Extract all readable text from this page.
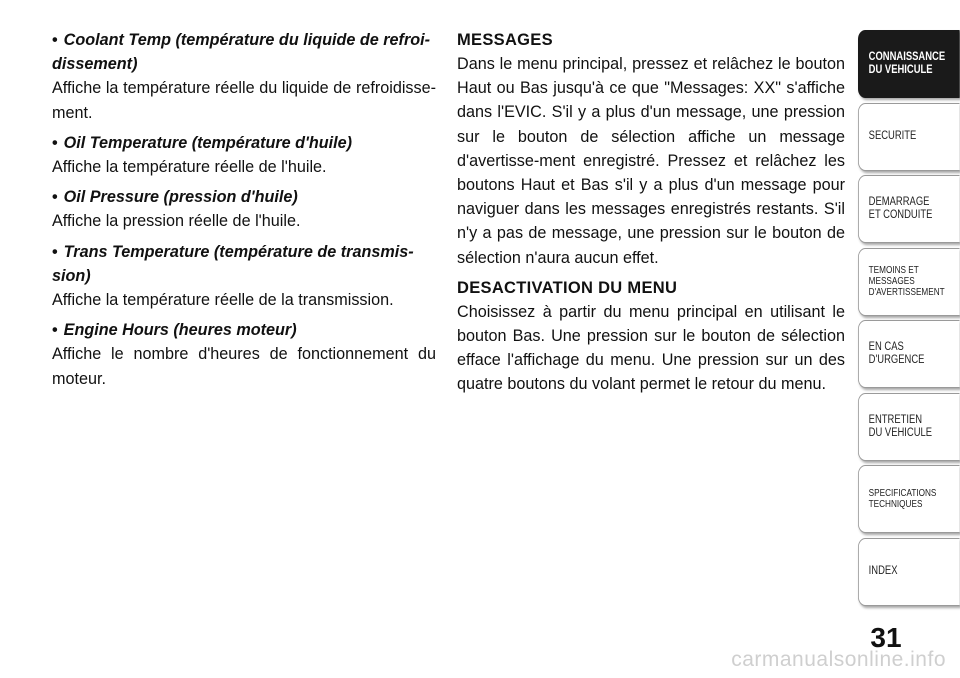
• Coolant Temp (température du liquide de refroi-dissement)

Affiche la température réelle du liquide de refroidisse-ment.

• Oil Temperature (température d'huile)

Affiche la température réelle de l'huile.

• Oil Pressure (pression d'huile)

Affiche la pression réelle de l'huile.

• Trans Temperature (température de transmis-sion)

Affiche la température réelle de la transmission.

• Engine Hours (heures moteur)

Affiche le nombre d'heures de fonctionnement du moteur.

MESSAGES

Dans le menu principal, pressez et relâchez le bouton Haut ou Bas jusqu'à ce que "Messages: XX" s'affiche dans l'EVIC. S'il y a plus d'un message, une pression sur le bouton de sélection affiche un message d'avertisse-ment enregistré. Pressez et relâchez les boutons Haut et Bas s'il y a plus d'un message pour naviguer dans les messages enregistrés restants. S'il n'y a pas de message, une pression sur le bouton de sélection n'aura aucun effet.

DESACTIVATION DU MENU

Choisissez à partir du menu principal en utilisant le bouton Bas. Une pression sur le bouton de sélection efface l'affichage du menu. Une pression sur un des quatre boutons du volant permet le retour du menu.

CONNAISSANCE
DU VEHICULE
SECURITE
DEMARRAGE
ET CONDUITE
TEMOINS ET
MESSAGES
D'AVERTISSEMENT
EN CAS
D'URGENCE
ENTRETIEN
DU VEHICULE
SPECIFICATIONS
TECHNIQUES
INDEX
31
carmanualsonline.info
